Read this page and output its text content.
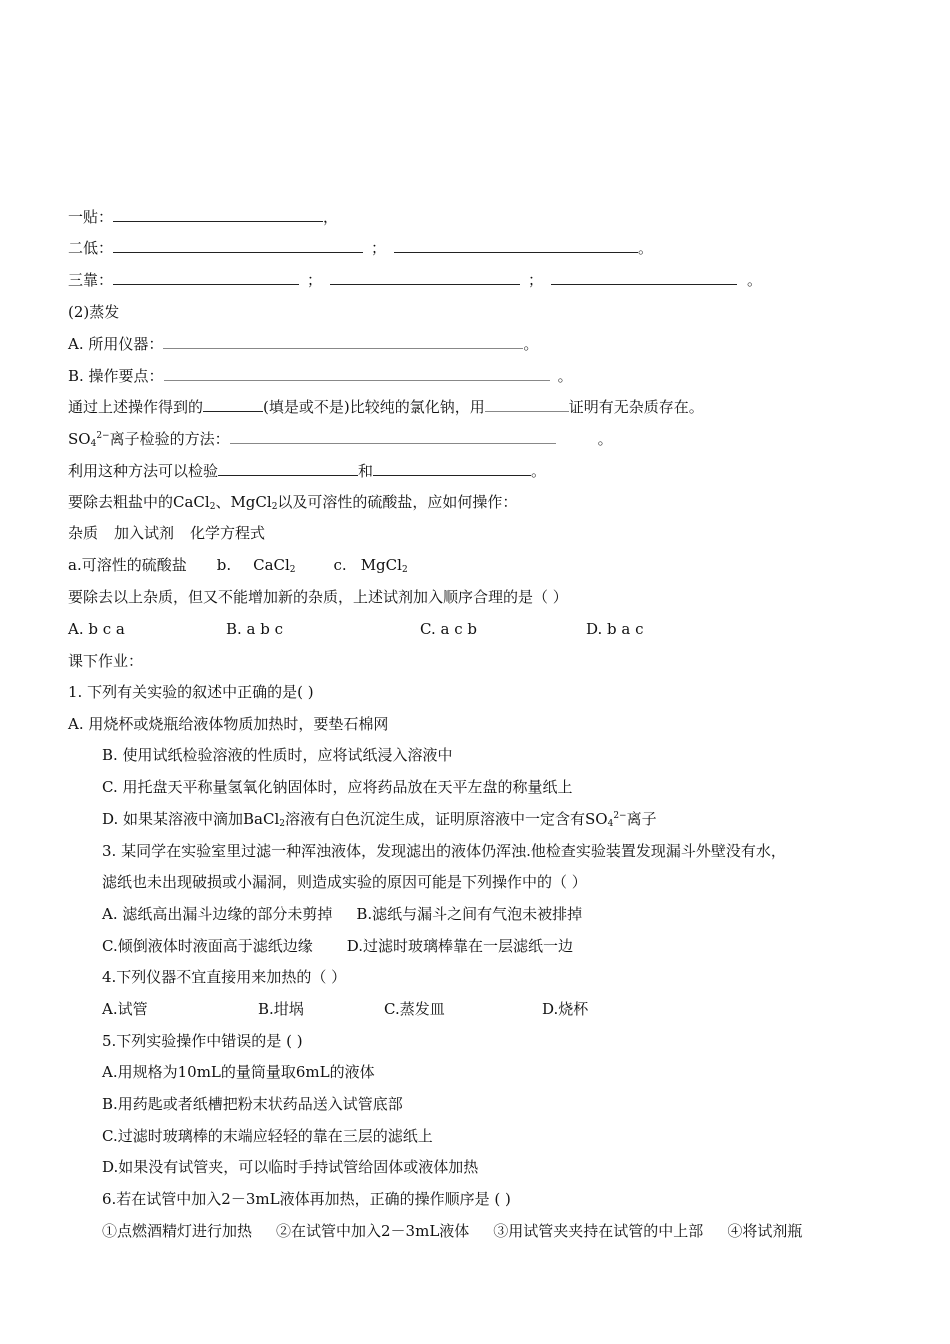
一贴：	，
二低：	；	。
三靠：	；	；	。
(2)蒸发
A. 所用仪器：	。
B. 操作要点：	。
通过上述操作得到的	(填是或不是)比较纯的氯化钠，用	证明有无杂质存在。
$SO_4^{2-}$离子检验的方法：	。
利用这种方法可以检验	和	。
要除去粗盐中的CaCl$_2$、MgCl$_2$以及可溶性的硫酸盐，应如何操作：
杂质 加入试剂 化学方程式
a.可溶性的硫酸盐 b. CaCl$_2$	c. MgCl$_2$
要除去以上杂质，但又不能增加新的杂质，上述试剂加入顺序合理的是（ ）
A. b c a	B. a b c	C. a c b	D. b a c
课下作业：
1. 下列有关实验的叙述中正确的是( )
A. 用烧杯或烧瓶给液体物质加热时，要垫石棉网
B. 使用试纸检验溶液的性质时，应将试纸浸入溶液中
C. 用托盘天平称量氢氧化钠固体时，应将药品放在天平左盘的称量纸上
D. 如果某溶液中滴加BaCl$_2$溶液有白色沉淀生成，证明原溶液中一定含有$SO_4^{2-}$离子
3. 某同学在实验室里过滤一种浑浊液体，发现滤出的液体仍浑浊.他检查实验装置发现漏斗外壁没有水，
滤纸也未出现破损或小漏洞，则造成实验的原因可能是下列操作中的（ ）
A. 滤纸高出漏斗边缘的部分未剪掉 B.滤纸与漏斗之间有气泡未被排掉
C.倾倒液体时液面高于滤纸边缘 D.过滤时玻璃棒靠在一层滤纸一边
4.下列仪器不宜直接用来加热的（ ）
A.试管	B.坩埚	C.蒸发皿	D.烧杯
5.下列实验操作中错误的是 ( )
A.用规格为10mL的量筒量取6mL的液体
B.用药匙或者纸槽把粉末状药品送入试管底部
C.过滤时玻璃棒的末端应轻轻的靠在三层的滤纸上
D.如果没有试管夹，可以临时手持试管给固体或液体加热
6.若在试管中加入2－3mL液体再加热，正确的操作顺序是 ( )
①点燃酒精灯进行加热 ②在试管中加入2－3mL液体 ③用试管夹夹持在试管的中上部 ④将试剂瓶
